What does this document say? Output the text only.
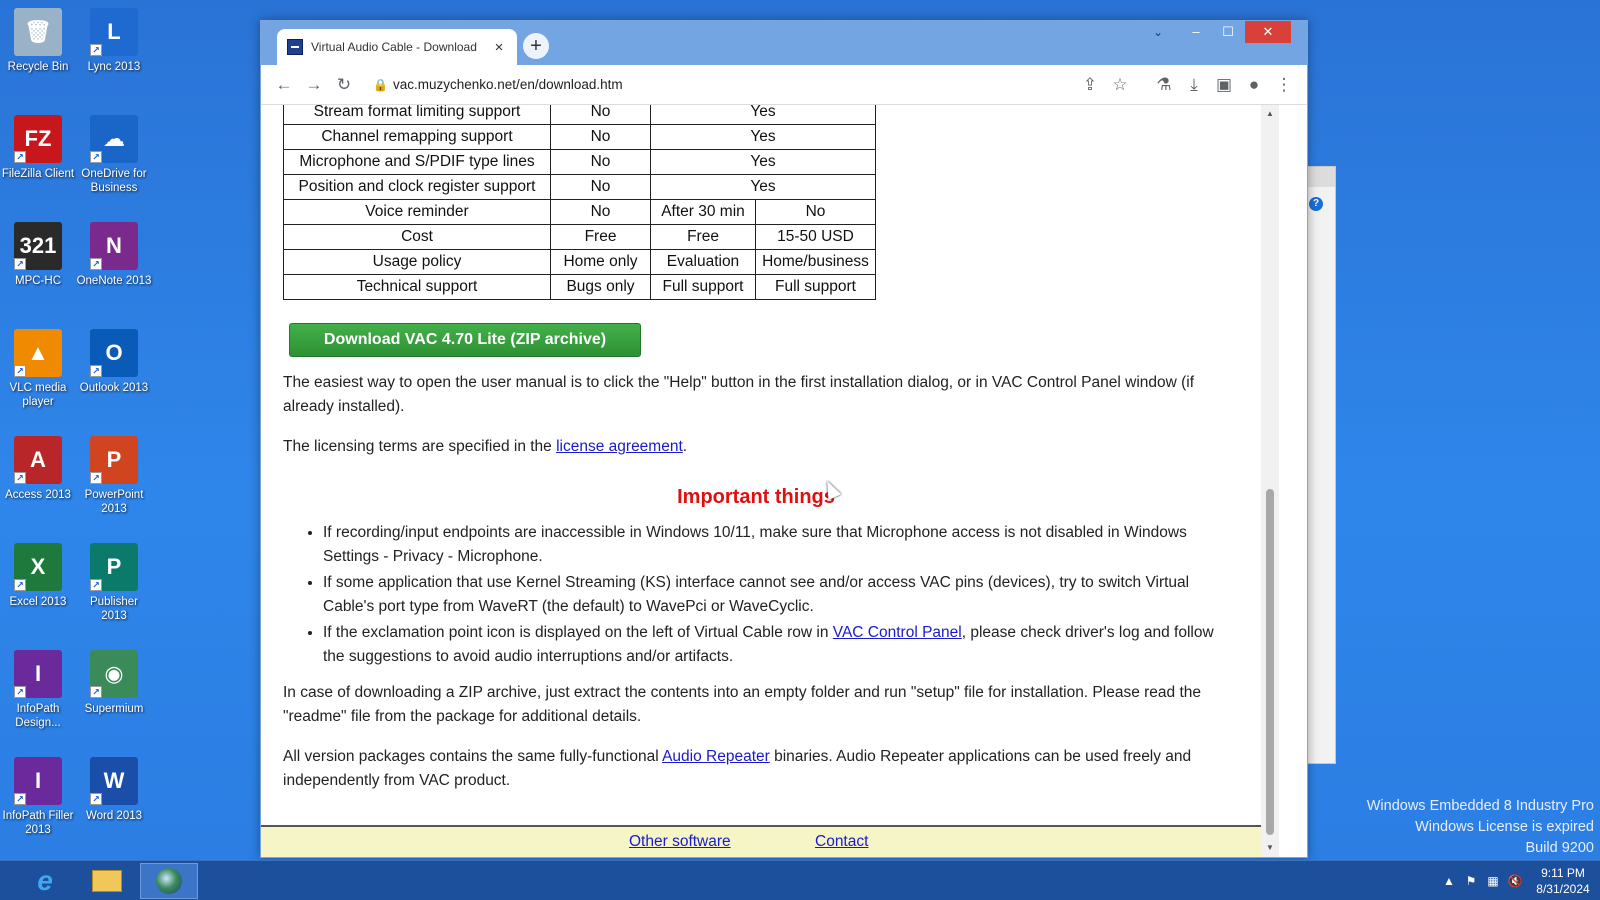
🗑
Recycle Bin
L
↗
Lync 2013
FZ
↗
FileZilla Client
☁
↗
OneDrive for Business
321
↗
MPC-HC
N
↗
OneNote 2013
▲
↗
VLC media player
O
↗
Outlook 2013
A
↗
Access 2013
P
↗
PowerPoint 2013
X
↗
Excel 2013
P
↗
Publisher 2013
I
↗
InfoPath Design...
◉
↗
Supermium
I
↗
InfoPath Filler 2013
W
↗
Word 2013
?
Virtual Audio Cable - Download	×	+
⌄	–	☐	✕
← → ↻	🔒 vac.muzychenko.net/en/download.htm	⇪ ☆	⚗	⤓	▣ ● ⋮
Stream format limiting support	No	Yes	
Channel remapping support	No	Yes	
Microphone and S/PDIF type lines	No	Yes	
Position and clock register support	No	Yes	
Voice reminder	No	After 30 min	No
Cost	Free	Free	15-50 USD
Usage policy	Home only	Evaluation	Home/business
Technical support	Bugs only	Full support	Full support
Download VAC 4.70 Lite (ZIP archive)
The easiest way to open the user manual is to click the "Help" button in the first installation dialog, or in VAC Control Panel window (if already installed).
The licensing terms are specified in the license agreement.
Important things
• If recording/input endpoints are inaccessible in Windows 10/11, make sure that Microphone access is not disabled in Windows Settings - Privacy - Microphone.
• If some application that use Kernel Streaming (KS) interface cannot see and/or access VAC pins (devices), try to switch Virtual Cable's port type from WaveRT (the default) to WavePci or WaveCyclic.
• If the exclamation point icon is displayed on the left of Virtual Cable row in VAC Control Panel, please check driver's log and follow the suggestions to avoid audio interruptions and/or artifacts.
In case of downloading a ZIP archive, just extract the contents into an empty folder and run "setup" file for installation. Please read the "readme" file from the package for additional details.
All version packages contains the same fully-functional Audio Repeater binaries. Audio Repeater applications can be used freely and independently from VAC product.
Other software	Contact
▲
▼
Windows Embedded 8 Industry Pro
Windows License is expired
Build 9200
e	▲ ⚑ ▦ 🔇
9:11 PM
8/31/2024
